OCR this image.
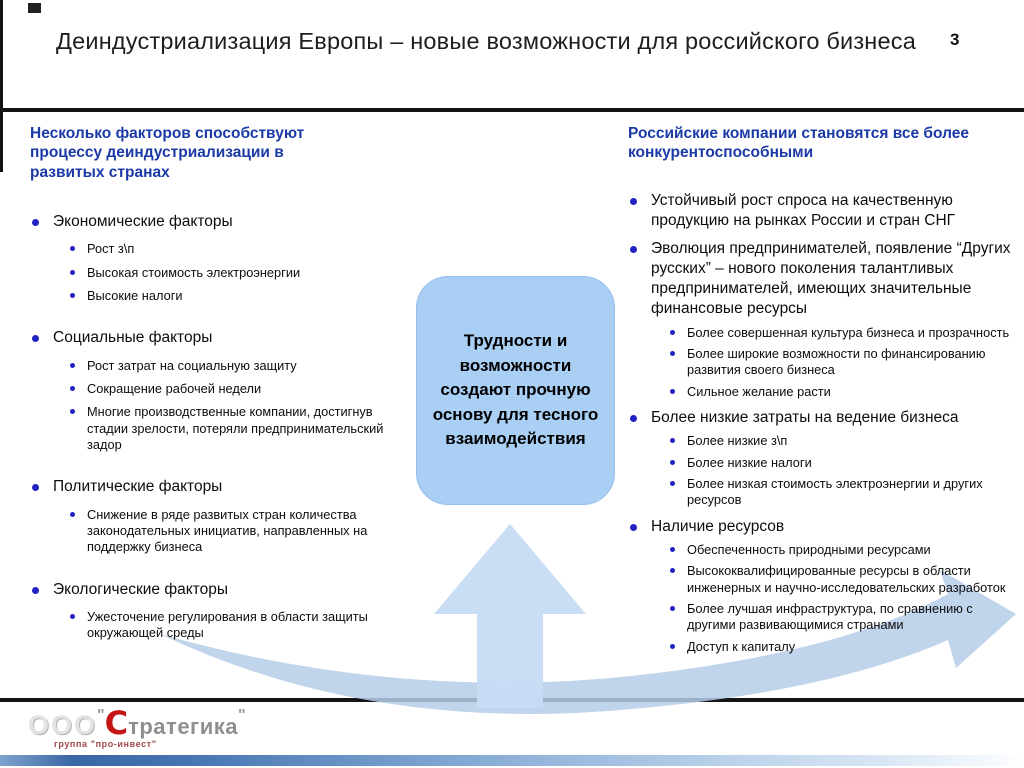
Деиндустриализация Европы – новые возможности для российского бизнеса	3
Несколько факторов способствуют процессу деиндустриализации в развитых странах
Экономические факторы
Рост з\п
Высокая стоимость электроэнергии
Высокие налоги
Социальные факторы
Рост затрат на социальную защиту
Сокращение рабочей недели
Многие производственные компании, достигнув стадии зрелости, потеряли предпринимательский задор
Политические факторы
Снижение в ряде развитых стран количества законодательных инициатив, направленных на поддержку бизнеса
Экологические факторы
Ужесточение регулирования в области защиты окружающей среды
Трудности и возможности создают прочную основу для тесного взаимодействия
Российские компании становятся все более конкурентоспособными
Устойчивый рост спроса на качественную продукцию на рынках России и стран СНГ
Эволюция предпринимателей, появление “Других русских” – нового поколения талантливых предпринимателей, имеющих значительные финансовые ресурсы
Более совершенная культура бизнеса и прозрачность
Более широкие возможности по финансированию развития своего бизнеса
Сильное желание расти
Более низкие затраты на ведение бизнеса
Более низкие з\п
Более низкие налоги
Более низкая стоимость электроэнергии и других ресурсов
Наличие ресурсов
Обеспеченность природными ресурсами
Высококвалифицированные ресурсы в области инженерных и научно-исследовательских разработок
Более лучшая инфраструктура, по сравнению с другими развивающимися странами
Доступ к капиталу
ООО"Стратегика"
группа "про-инвест"
